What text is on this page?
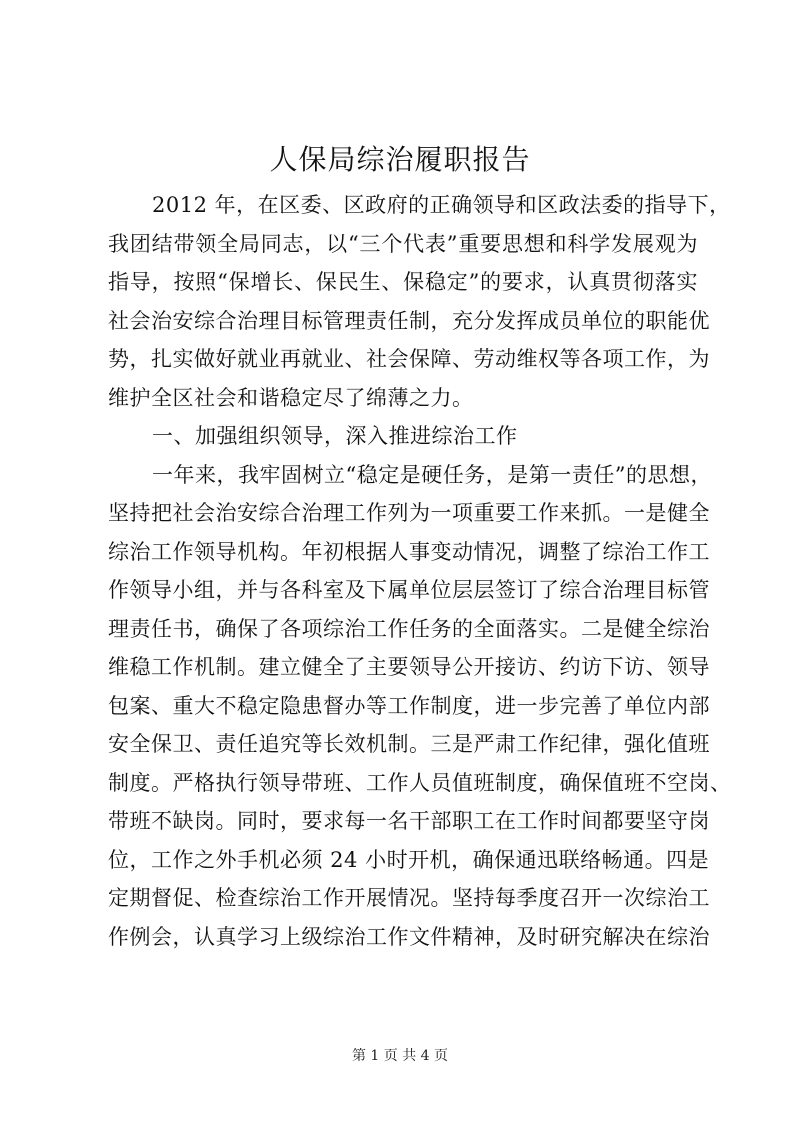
人保局综治履职报告
2012 年，在区委、区政府的正确领导和区政法委的指导下，
我团结带领全局同志，以“三个代表”重要思想和科学发展观为
指导，按照“保增长、保民生、保稳定”的要求，认真贯彻落实
社会治安综合治理目标管理责任制，充分发挥成员单位的职能优
势，扎实做好就业再就业、社会保障、劳动维权等各项工作，为
维护全区社会和谐稳定尽了绵薄之力。
一、加强组织领导，深入推进综治工作
一年来，我牢固树立“稳定是硬任务，是第一责任”的思想，
坚持把社会治安综合治理工作列为一项重要工作来抓。一是健全
综治工作领导机构。年初根据人事变动情况，调整了综治工作工
作领导小组，并与各科室及下属单位层层签订了综合治理目标管
理责任书，确保了各项综治工作任务的全面落实。二是健全综治
维稳工作机制。建立健全了主要领导公开接访、约访下访、领导
包案、重大不稳定隐患督办等工作制度，进一步完善了单位内部
安全保卫、责任追究等长效机制。三是严肃工作纪律，强化值班
制度。严格执行领导带班、工作人员值班制度，确保值班不空岗、
带班不缺岗。同时，要求每一名干部职工在工作时间都要坚守岗
位，工作之外手机必须 24 小时开机，确保通迅联络畅通。四是
定期督促、检查综治工作开展情况。坚持每季度召开一次综治工
作例会，认真学习上级综治工作文件精神，及时研究解决在综治
第 1 页 共 4 页
